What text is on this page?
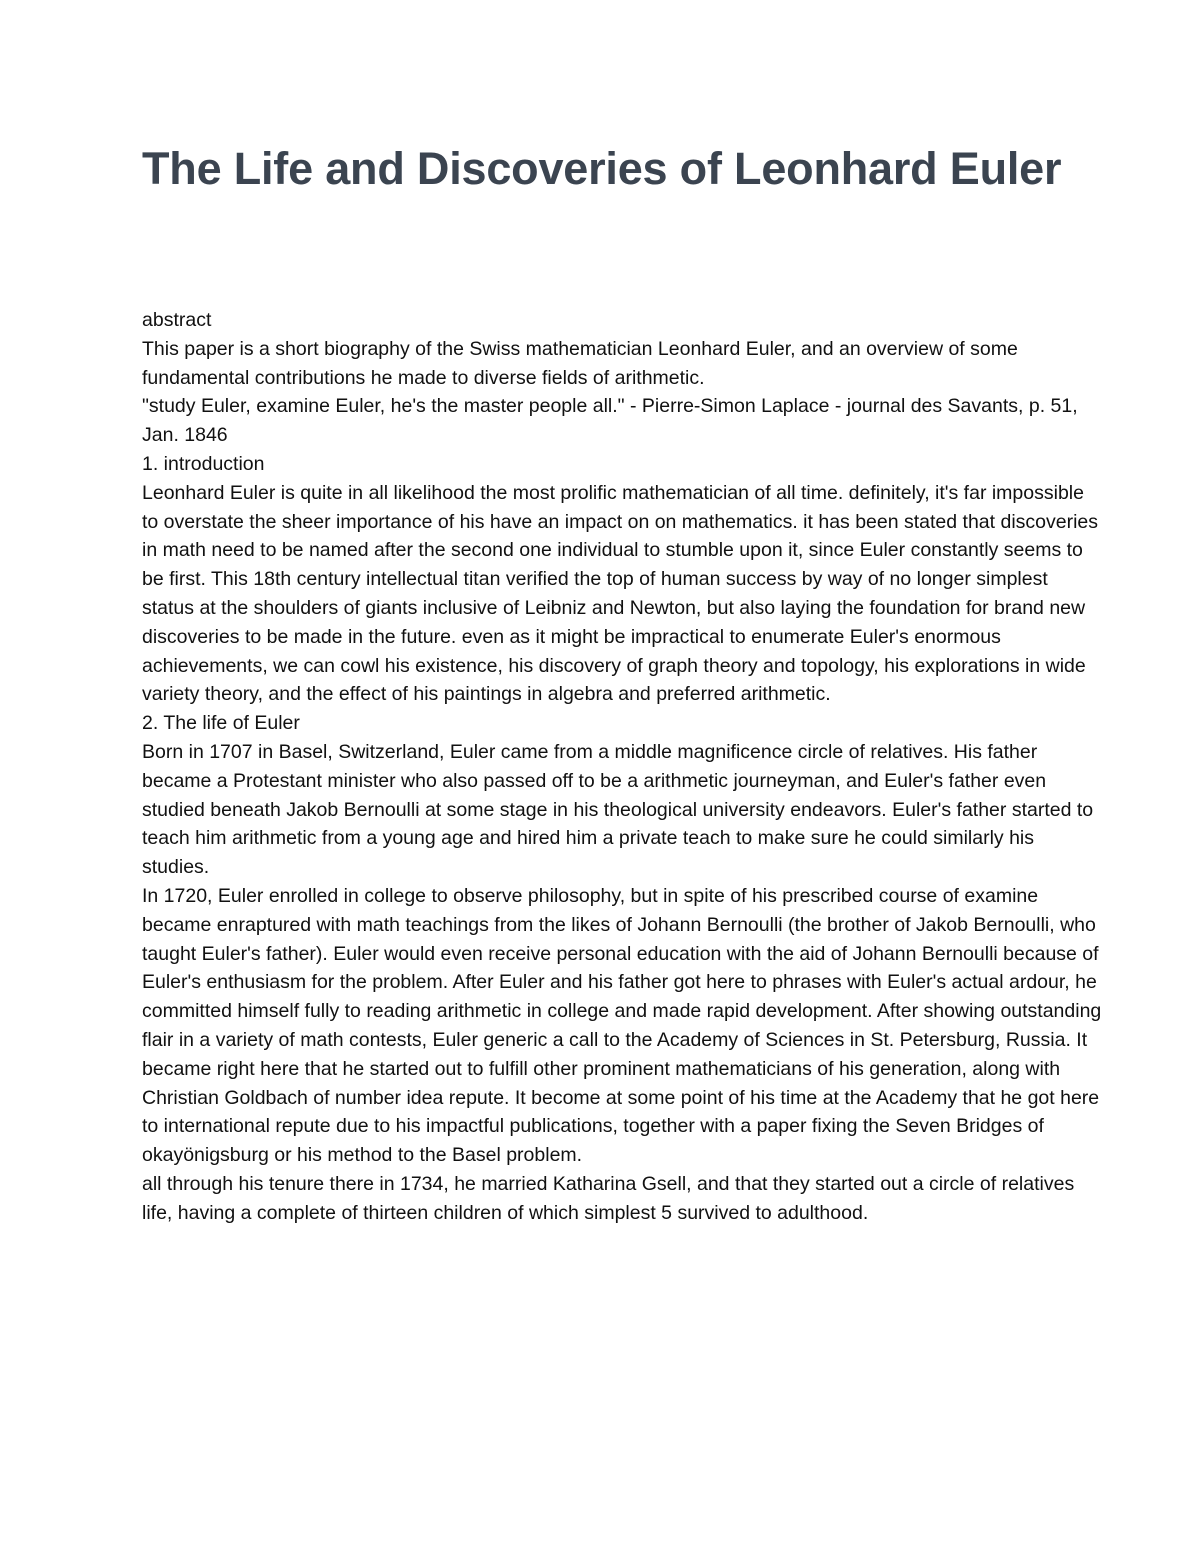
The Life and Discoveries of Leonhard Euler

abstract

This paper is a short biography of the Swiss mathematician Leonhard Euler, and an overview of some fundamental contributions he made to diverse fields of arithmetic.

"study Euler, examine Euler, he's the master people all." - Pierre-Simon Laplace - journal des Savants, p. 51, Jan. 1846

1. introduction

Leonhard Euler is quite in all likelihood the most prolific mathematician of all time. definitely, it's far impossible to overstate the sheer importance of his have an impact on on mathematics. it has been stated that discoveries in math need to be named after the second one individual to stumble upon it, since Euler constantly seems to be first. This 18th century intellectual titan verified the top of human success by way of no longer simplest status at the shoulders of giants inclusive of Leibniz and Newton, but also laying the foundation for brand new discoveries to be made in the future. even as it might be impractical to enumerate Euler's enormous achievements, we can cowl his existence, his discovery of graph theory and topology, his explorations in wide variety theory, and the effect of his paintings in algebra and preferred arithmetic.

2. The life of Euler

Born in 1707 in Basel, Switzerland, Euler came from a middle magnificence circle of relatives. His father became a Protestant minister who also passed off to be a arithmetic journeyman, and Euler's father even studied beneath Jakob Bernoulli at some stage in his theological university endeavors. Euler's father started to teach him arithmetic from a young age and hired him a private teach to make sure he could similarly his studies.

In 1720, Euler enrolled in college to observe philosophy, but in spite of his prescribed course of examine became enraptured with math teachings from the likes of Johann Bernoulli (the brother of Jakob Bernoulli, who taught Euler's father). Euler would even receive personal education with the aid of Johann Bernoulli because of Euler's enthusiasm for the problem. After Euler and his father got here to phrases with Euler's actual ardour, he committed himself fully to reading arithmetic in college and made rapid development. After showing outstanding flair in a variety of math contests, Euler generic a call to the Academy of Sciences in St. Petersburg, Russia. It became right here that he started out to fulfill other prominent mathematicians of his generation, along with Christian Goldbach of number idea repute. It become at some point of his time at the Academy that he got here to international repute due to his impactful publications, together with a paper fixing the Seven Bridges of okayönigsburg or his method to the Basel problem.

all through his tenure there in 1734, he married Katharina Gsell, and that they started out a circle of relatives life, having a complete of thirteen children of which simplest 5 survived to adulthood.
